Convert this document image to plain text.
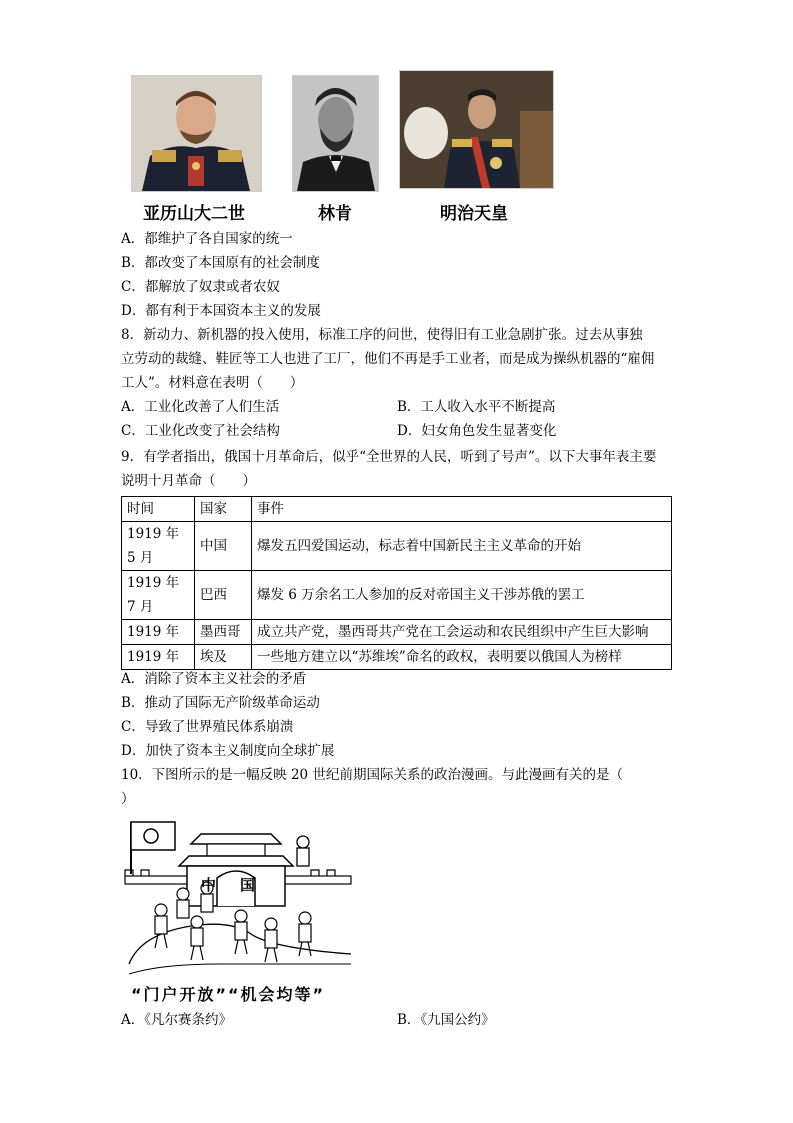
亚历山大二世	林肯	明治天皇
A．都维护了各自国家的统一
B．都改变了本国原有的社会制度
C．都解放了奴隶或者农奴
D．都有利于本国资本主义的发展
8．新动力、新机器的投入使用，标准工序的问世，使得旧有工业急剧扩张。过去从事独
立劳动的裁缝、鞋匠等工人也进了工厂，他们不再是手工业者，而是成为操纵机器的“雇佣
工人”。材料意在表明（　　）
A．工业化改善了人们生活	B．工人收入水平不断提高
C．工业化改变了社会结构	D．妇女角色发生显著变化
9．有学者指出，俄国十月革命后，似乎“全世界的人民，听到了号声”。以下大事年表主要
说明十月革命（　　）
时间	国家	事件
1919 年 5 月	中国	爆发五四爱国运动，标志着中国新民主主义革命的开始
1919 年 7 月	巴西	爆发 6 万余名工人参加的反对帝国主义干涉苏俄的罢工
1919 年	墨西哥	成立共产党，墨西哥共产党在工会运动和农民组织中产生巨大影响
1919 年	埃及	一些地方建立以“苏维埃”命名的政权，表明要以俄国人为榜样
A．消除了资本主义社会的矛盾
B．推动了国际无产阶级革命运动
C．导致了世界殖民体系崩溃
D．加快了资本主义制度向全球扩展
10．下图所示的是一幅反映 20 世纪前期国际关系的政治漫画。与此漫画有关的是（
）
中国
“门户开放”“机会均等”
A．《凡尔赛条约》	B．《九国公约》
